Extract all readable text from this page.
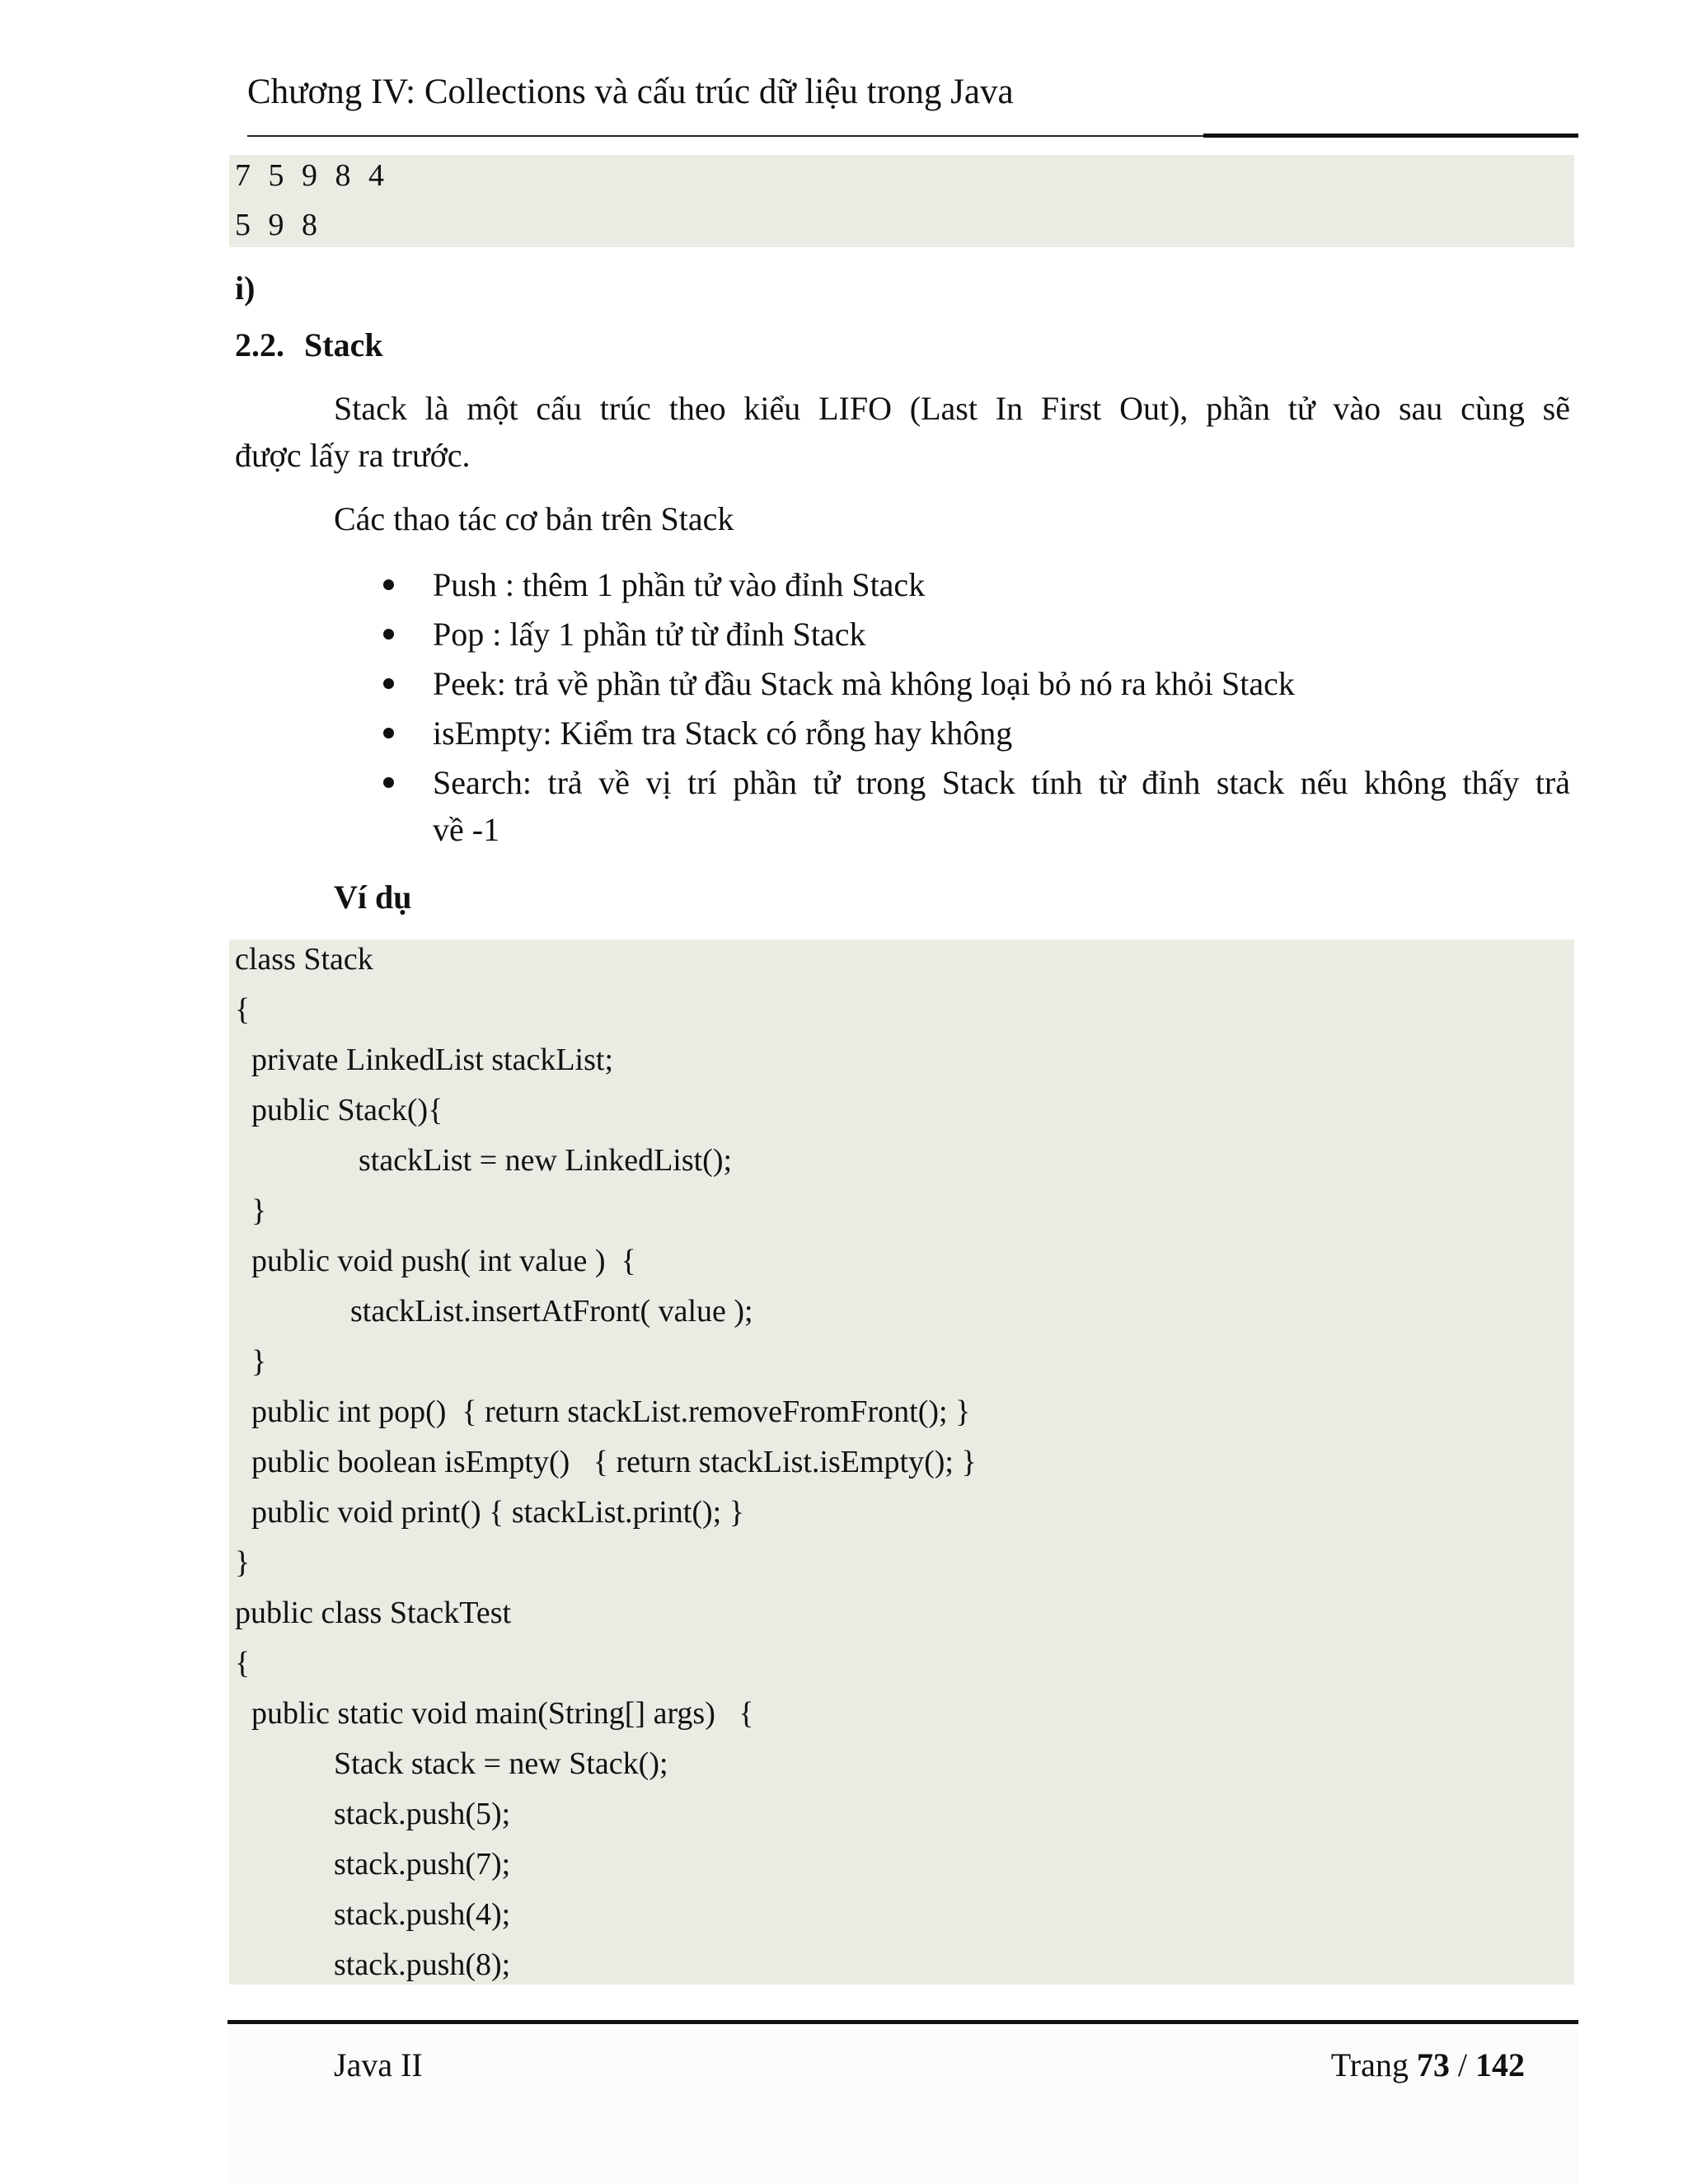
Chương IV: Collections và cấu trúc dữ liệu trong Java
7 5 9 8 4
5 9 8
i)
2.2. Stack
Stack là một cấu trúc theo kiểu LIFO (Last In First Out), phần tử vào sau cùng sẽ
được lấy ra trước.
Các thao tác cơ bản trên Stack
Push : thêm 1 phần tử vào đỉnh Stack
Pop : lấy 1 phần tử từ đỉnh Stack
Peek: trả về phần tử đầu Stack mà không loại bỏ nó ra khỏi Stack
isEmpty: Kiểm tra Stack có rỗng hay không
Search: trả về vị trí phần tử trong Stack tính từ đỉnh stack nếu không thấy trả
về -1
Ví dụ
class Stack
{
private LinkedList stackList;
public Stack(){
stackList = new LinkedList();
}
public void push( int value )  {
stackList.insertAtFront( value );
}
public int pop()  { return stackList.removeFromFront(); }
public boolean isEmpty()   { return stackList.isEmpty(); }
public void print() { stackList.print(); }
}
public class StackTest
{
public static void main(String[] args)   {
Stack stack = new Stack();
stack.push(5);
stack.push(7);
stack.push(4);
stack.push(8);
Java II	Trang 73 / 142
